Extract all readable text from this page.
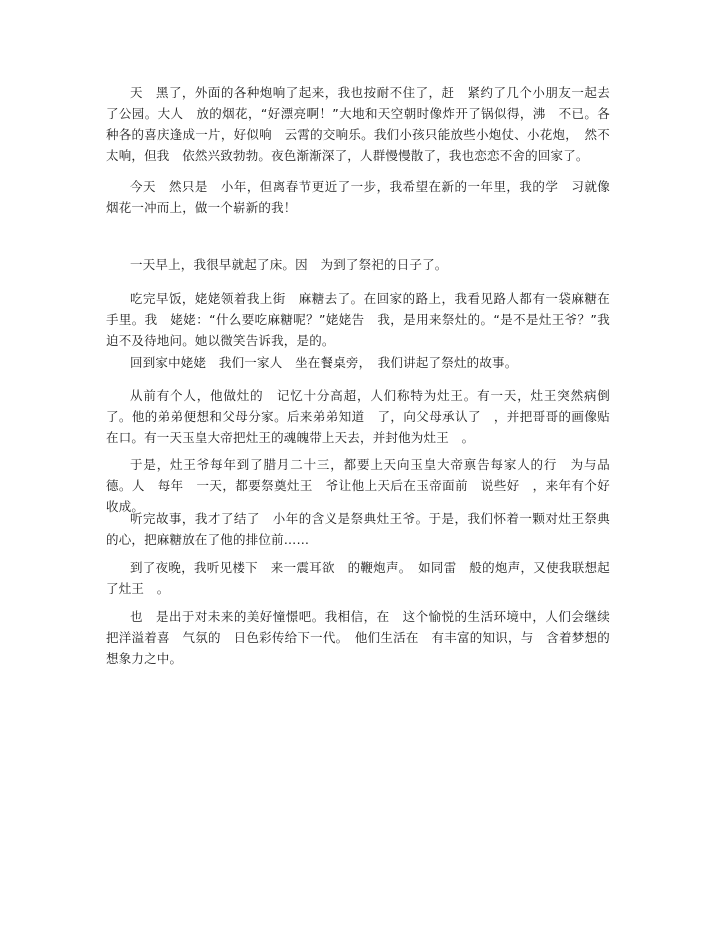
天　黑了，外面的各种炮响了起来，我也按耐不住了，赶　紧约了几个小朋友一起去了公园。大人　放的烟花，“好漂亮啊！”大地和天空朝时像炸开了锅似得，沸　不已。各种各的喜庆逢成一片，好似响　云霄的交响乐。我们小孩只能放些小炮仗、小花炮，　然不太响，但我　依然兴致勃勃。夜色渐渐深了，人群慢慢散了，我也恋恋不舍的回家了。

今天　然只是　小年，但离春节更近了一步，我希望在新的一年里，我的学　习就像烟花一冲而上，做一个崭新的我！

一天早上，我很早就起了床。因　为到了祭祀的日子了。

吃完早饭，姥姥领着我上街　麻糖去了。在回家的路上，我看见路人都有一袋麻糖在手里。我　姥姥：“什么要吃麻糖呢？”姥姥告　我，是用来祭灶的。“是不是灶王爷？”我迫不及待地问。她以微笑告诉我，是的。

回到家中姥姥　我们一家人　坐在餐桌旁，　我们讲起了祭灶的故事。

从前有个人，他做灶的　记忆十分高超，人们称特为灶王。有一天，灶王突然病倒了。他的弟弟便想和父母分家。后来弟弟知道　了，向父母承认了　，并把哥哥的画像贴在口。有一天玉皇大帝把灶王的魂魄带上天去，并封他为灶王　。

于是，灶王爷每年到了腊月二十三，都要上天向玉皇大帝禀告每家人的行　为与品德。人　每年　一天，都要祭奠灶王　爷让他上天后在玉帝面前　说些好　，来年有个好收成。

听完故事，我才了结了　小年的含义是祭典灶王爷。于是，我们怀着一颗对灶王祭典的心，把麻糖放在了他的排位前……

到了夜晚，我听见楼下　来一震耳欲　的鞭炮声。　如同雷　般的炮声，又使我联想起了灶王　。

也　是出于对未来的美好憧憬吧。我相信，在　这个愉悦的生活环境中，人们会继续把洋溢着喜　气氛的　日色彩传给下一代。　他们生活在　有丰富的知识，与　含着梦想的想象力之中。
